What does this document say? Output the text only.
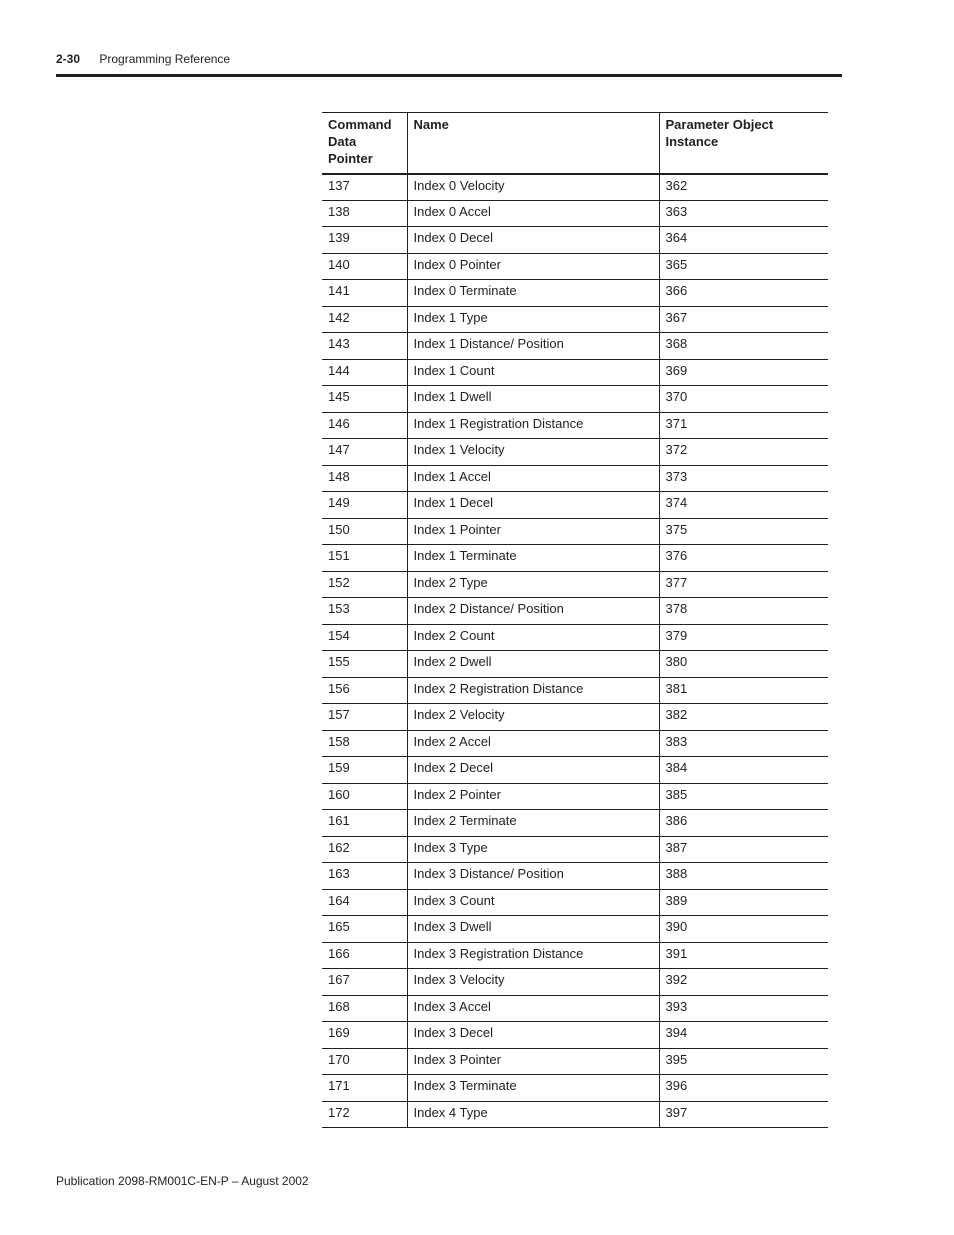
2-30 Programming Reference
Command Data Pointer	Name	Parameter Object Instance

137	Index 0 Velocity	362
138	Index 0 Accel	363
139	Index 0 Decel	364
140	Index 0 Pointer	365
141	Index 0 Terminate	366
142	Index 1 Type	367
143	Index 1 Distance/ Position	368
144	Index 1 Count	369
145	Index 1 Dwell	370
146	Index 1 Registration Distance	371
147	Index 1 Velocity	372
148	Index 1 Accel	373
149	Index 1 Decel	374
150	Index 1 Pointer	375
151	Index 1 Terminate	376
152	Index 2 Type	377
153	Index 2 Distance/ Position	378
154	Index 2 Count	379
155	Index 2 Dwell	380
156	Index 2 Registration Distance	381
157	Index 2 Velocity	382
158	Index 2 Accel	383
159	Index 2 Decel	384
160	Index 2 Pointer	385
161	Index 2 Terminate	386
162	Index 3 Type	387
163	Index 3 Distance/ Position	388
164	Index 3 Count	389
165	Index 3 Dwell	390
166	Index 3 Registration Distance	391
167	Index 3 Velocity	392
168	Index 3 Accel	393
169	Index 3 Decel	394
170	Index 3 Pointer	395
171	Index 3 Terminate	396
172	Index 4 Type	397
Publication 2098-RM001C-EN-P – August 2002
